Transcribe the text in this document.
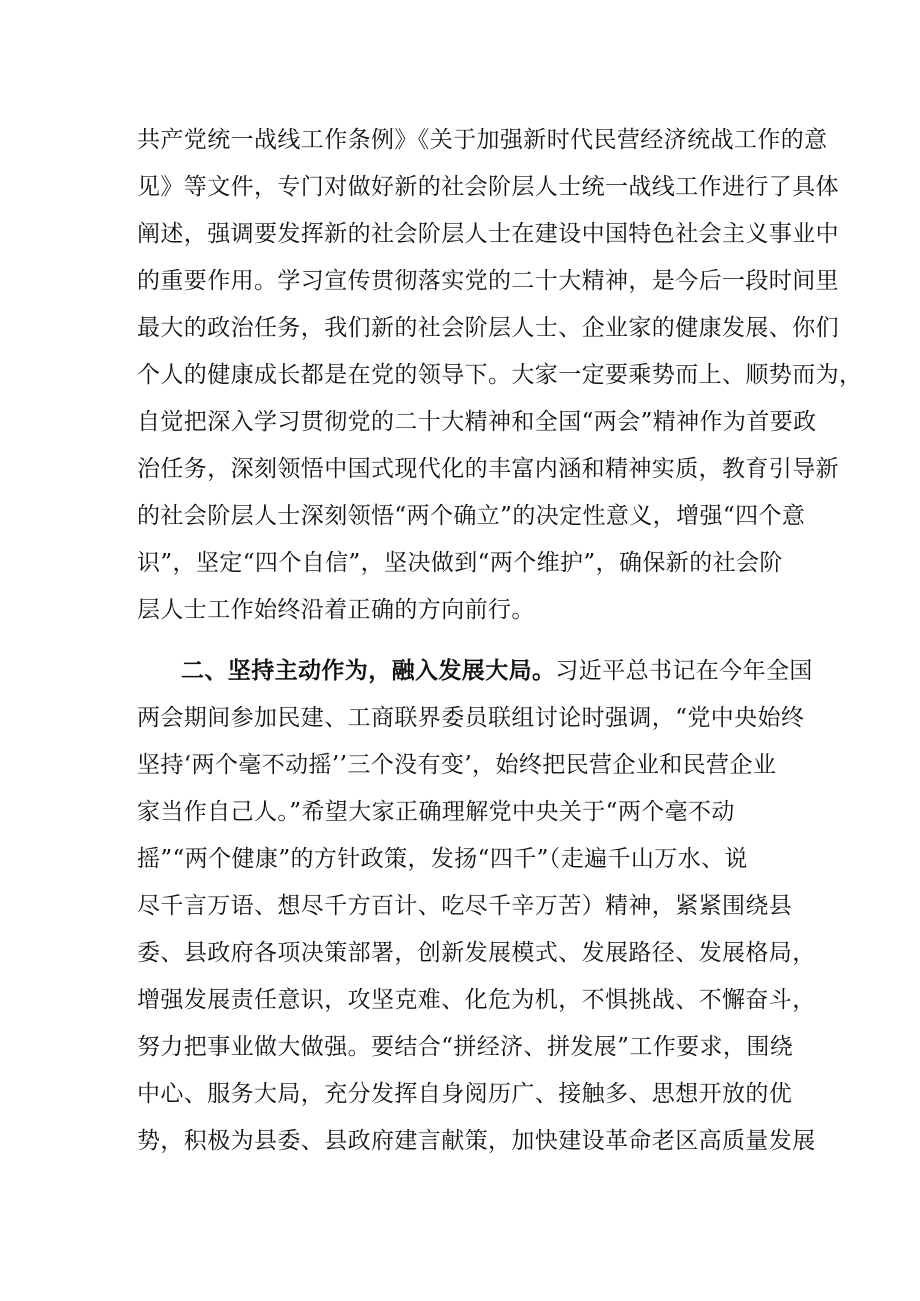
共产党统一战线工作条例》《关于加强新时代民营经济统战工作的意
见》等文件，专门对做好新的社会阶层人士统一战线工作进行了具体
阐述，强调要发挥新的社会阶层人士在建设中国特色社会主义事业中
的重要作用。学习宣传贯彻落实党的二十大精神，是今后一段时间里
最大的政治任务，我们新的社会阶层人士、企业家的健康发展、你们
个人的健康成长都是在党的领导下。大家一定要乘势而上、顺势而为，
自觉把深入学习贯彻党的二十大精神和全国“两会”精神作为首要政
治任务，深刻领悟中国式现代化的丰富内涵和精神实质，教育引导新
的社会阶层人士深刻领悟“两个确立”的决定性意义，增强“四个意
识”，坚定“四个自信”，坚决做到“两个维护”，确保新的社会阶
层人士工作始终沿着正确的方向前行。
二、坚持主动作为，融入发展大局。习近平总书记在今年全国
两会期间参加民建、工商联界委员联组讨论时强调，“党中央始终
坚持‘两个毫不动摇’’三个没有变’，始终把民营企业和民营企业
家当作自己人。”希望大家正确理解党中央关于“两个毫不动
摇”“两个健康”的方针政策，发扬“四千”（走遍千山万水、说
尽千言万语、想尽千方百计、吃尽千辛万苦）精神，紧紧围绕县
委、县政府各项决策部署，创新发展模式、发展路径、发展格局，
增强发展责任意识，攻坚克难、化危为机，不惧挑战、不懈奋斗，
努力把事业做大做强。要结合“拼经济、拼发展”工作要求，围绕
中心、服务大局，充分发挥自身阅历广、接触多、思想开放的优
势，积极为县委、县政府建言献策，加快建设革命老区高质量发展
